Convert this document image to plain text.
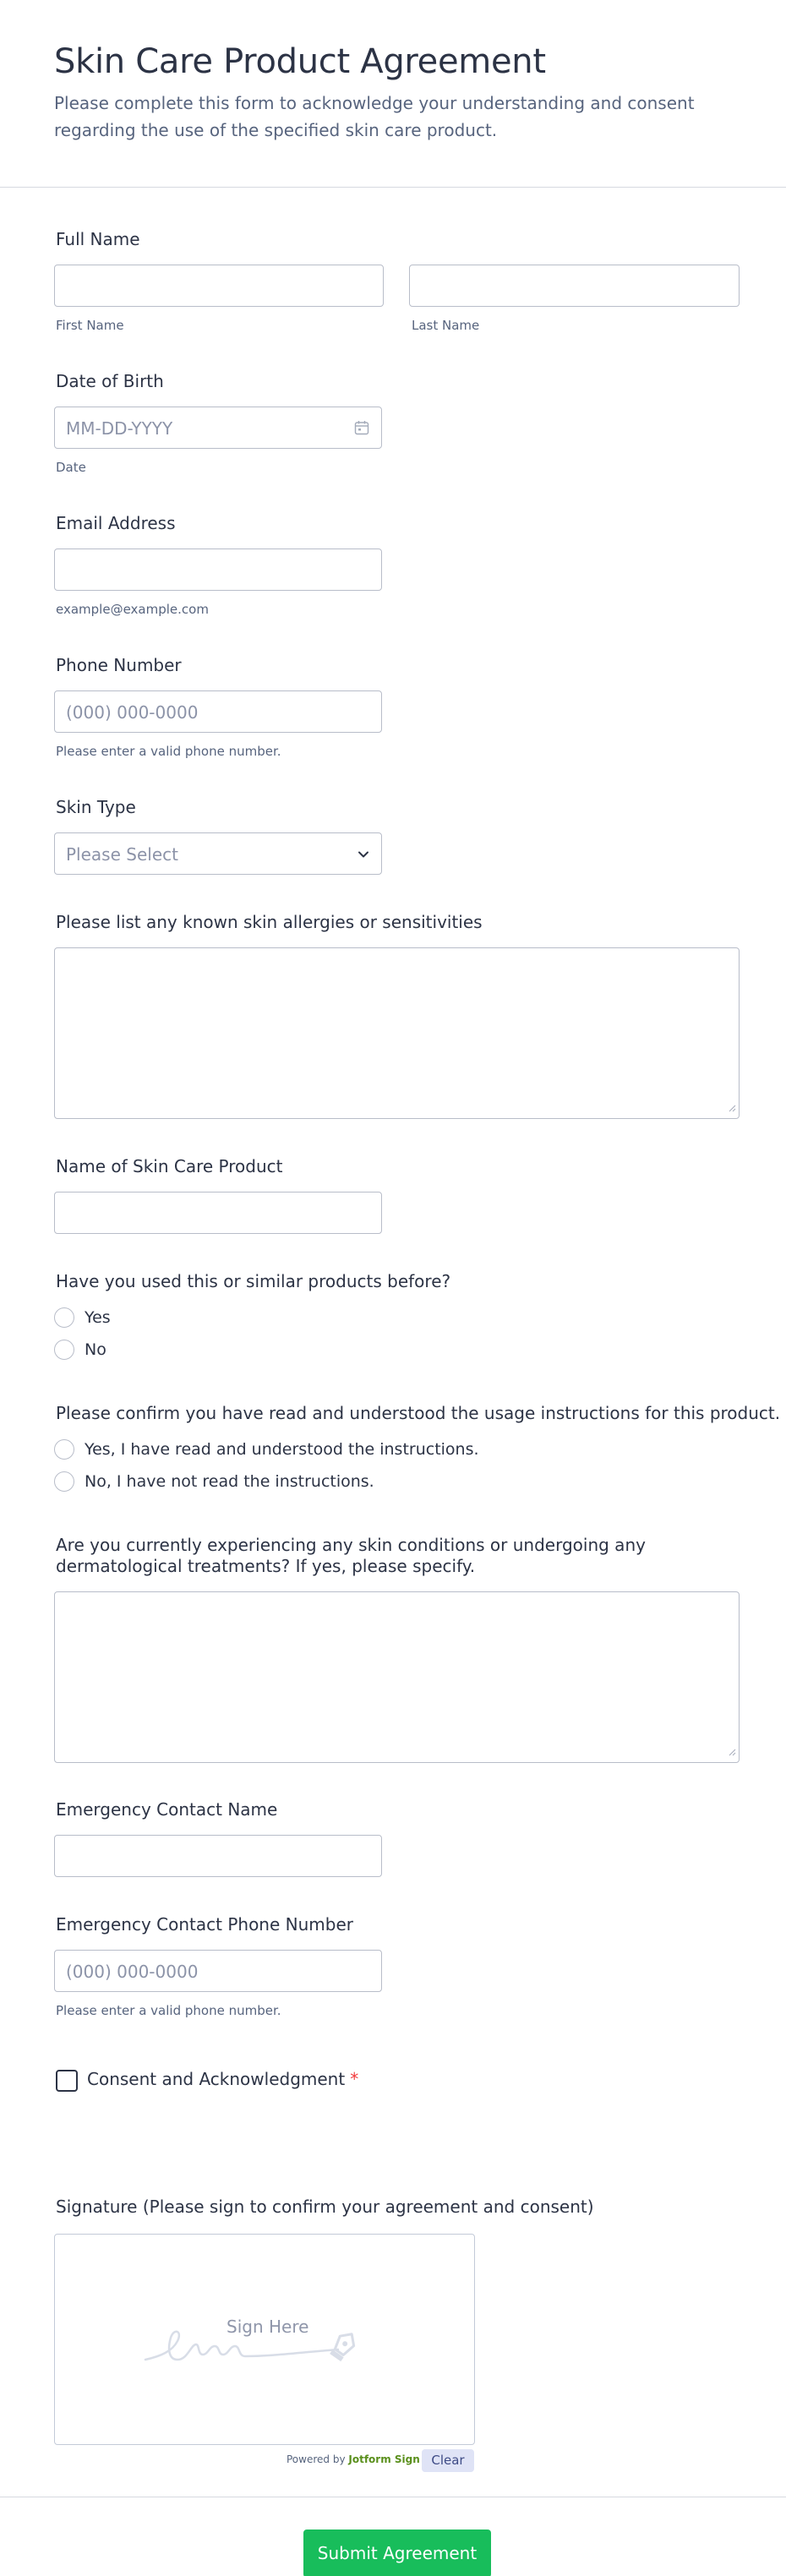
Skin Care Product Agreement

Please complete this form to acknowledge your understanding and consent regarding the use of the specified skin care product.

Full Name
First Name	Last Name
Date of Birth
MM-DD-YYYY
Date
Email Address
example@example.com
Phone Number
(000) 000-0000
Please enter a valid phone number.
Skin Type
Please Select
Please list any known skin allergies or sensitivities
Name of Skin Care Product
Have you used this or similar products before?
Yes
No
Please confirm you have read and understood the usage instructions for this product.
Yes, I have read and understood the instructions.
No, I have not read the instructions.
Are you currently experiencing any skin conditions or undergoing any dermatological treatments? If yes, please specify.
Emergency Contact Name
Emergency Contact Phone Number
(000) 000-0000
Please enter a valid phone number.
Consent and Acknowledgment *
Signature (Please sign to confirm your agreement and consent)
Sign Here
Powered by Jotform Sign Clear
Submit Agreement
